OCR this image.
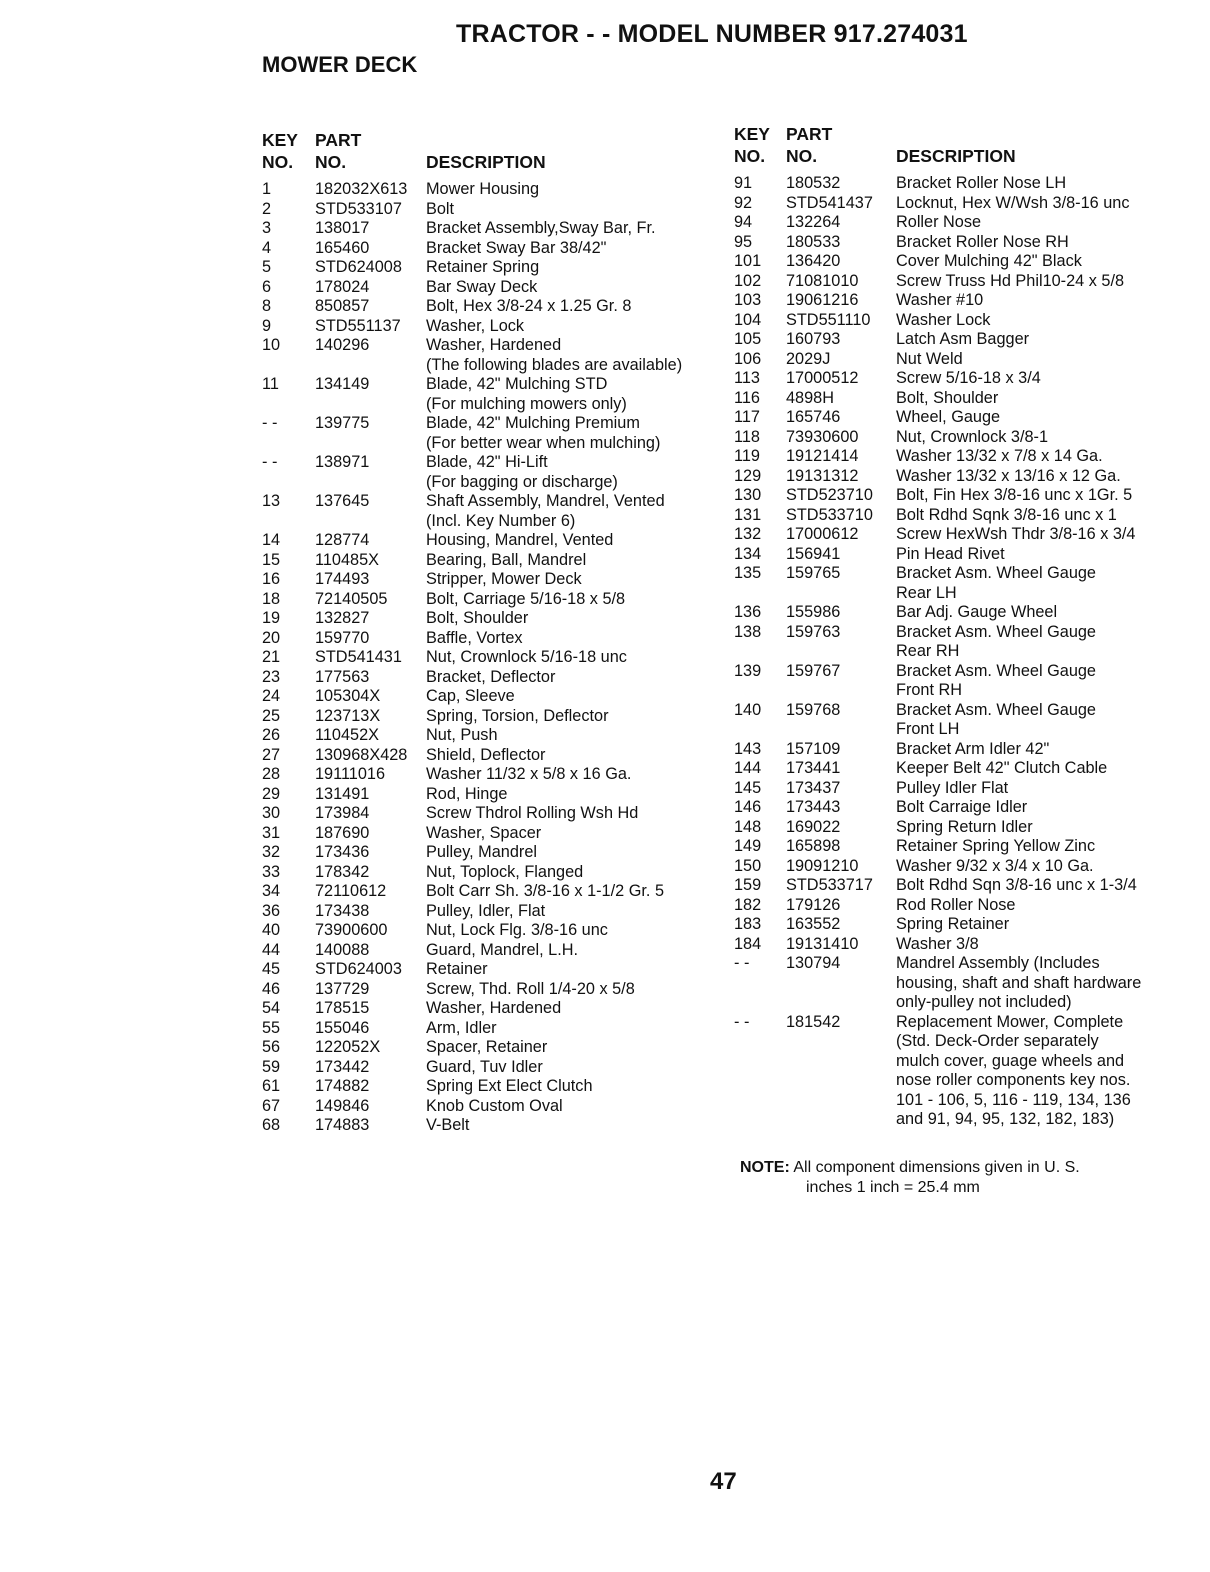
TRACTOR - - MODEL NUMBER 917.274031
MOWER DECK
KEY
NO.
PART
NO.	DESCRIPTION
1	182032X613	Mower Housing
2	STD533107	Bolt
3	138017	Bracket Assembly,Sway Bar, Fr.
4	165460	Bracket Sway Bar 38/42"
5	STD624008	Retainer Spring
6	178024	Bar Sway Deck
8	850857	Bolt, Hex 3/8-24 x 1.25 Gr. 8
9	STD551137	Washer, Lock
10	140296	Washer, Hardened
(The following blades are available)
11	134149	Blade, 42" Mulching STD
(For mulching mowers only)
- -	139775	Blade, 42" Mulching Premium
(For better wear when mulching)
- -	138971	Blade, 42" Hi-Lift
(For bagging or discharge)
13	137645	Shaft Assembly, Mandrel, Vented
(Incl. Key Number 6)
14	128774	Housing, Mandrel, Vented
15	110485X	Bearing, Ball, Mandrel
16	174493	Stripper, Mower Deck
18	72140505	Bolt, Carriage 5/16-18 x 5/8
19	132827	Bolt, Shoulder
20	159770	Baffle, Vortex
21	STD541431	Nut, Crownlock 5/16-18 unc
23	177563	Bracket, Deflector
24	105304X	Cap, Sleeve
25	123713X	Spring, Torsion, Deflector
26	110452X	Nut, Push
27	130968X428	Shield, Deflector
28	19111016	Washer 11/32 x 5/8 x 16 Ga.
29	131491	Rod, Hinge
30	173984	Screw Thdrol Rolling Wsh Hd
31	187690	Washer, Spacer
32	173436	Pulley, Mandrel
33	178342	Nut, Toplock, Flanged
34	72110612	Bolt Carr Sh. 3/8-16 x 1-1/2 Gr. 5
36	173438	Pulley, Idler, Flat
40	73900600	Nut, Lock Flg. 3/8-16 unc
44	140088	Guard, Mandrel, L.H.
45	STD624003	Retainer
46	137729	Screw, Thd. Roll 1/4-20 x 5/8
54	178515	Washer, Hardened
55	155046	Arm, Idler
56	122052X	Spacer, Retainer
59	173442	Guard, Tuv Idler
61	174882	Spring Ext Elect Clutch
67	149846	Knob Custom Oval
68	174883	V-Belt
KEY
NO.
PART
NO.	DESCRIPTION
91	180532	Bracket Roller Nose LH
92	STD541437	Locknut, Hex W/Wsh 3/8-16 unc
94	132264	Roller Nose
95	180533	Bracket Roller Nose RH
101	136420	Cover Mulching 42" Black
102	71081010	Screw Truss Hd Phil10-24 x 5/8
103	19061216	Washer #10
104	STD551110	Washer Lock
105	160793	Latch Asm Bagger
106	2029J	Nut Weld
113	17000512	Screw 5/16-18 x 3/4
116	4898H	Bolt, Shoulder
117	165746	Wheel, Gauge
118	73930600	Nut, Crownlock 3/8-1
119	19121414	Washer 13/32 x 7/8 x 14 Ga.
129	19131312	Washer 13/32 x 13/16 x 12 Ga.
130	STD523710	Bolt, Fin Hex 3/8-16 unc x 1Gr. 5
131	STD533710	Bolt Rdhd Sqnk 3/8-16 unc x 1
132	17000612	Screw HexWsh Thdr 3/8-16 x 3/4
134	156941	Pin Head Rivet
135	159765	Bracket Asm. Wheel Gauge
Rear LH
136	155986	Bar Adj. Gauge Wheel
138	159763	Bracket Asm. Wheel Gauge
Rear RH
139	159767	Bracket Asm. Wheel Gauge
Front RH
140	159768	Bracket Asm. Wheel Gauge
Front LH
143	157109	Bracket Arm Idler 42"
144	173441	Keeper Belt 42" Clutch Cable
145	173437	Pulley Idler Flat
146	173443	Bolt Carraige Idler
148	169022	Spring Return Idler
149	165898	Retainer Spring Yellow Zinc
150	19091210	Washer 9/32 x 3/4 x 10 Ga.
159	STD533717	Bolt Rdhd Sqn 3/8-16 unc x 1-3/4
182	179126	Rod Roller Nose
183	163552	Spring Retainer
184	19131410	Washer 3/8
- -	130794	Mandrel Assembly (Includes
housing, shaft and shaft hardware
only-pulley not included)
- -	181542	Replacement Mower, Complete
(Std. Deck-Order separately
mulch cover, guage wheels and
nose roller components key nos.
101 - 106, 5, 116 - 119, 134, 136
and 91, 94, 95, 132, 182, 183)
NOTE: All component dimensions given in U. S.
inches 1 inch = 25.4 mm
47
